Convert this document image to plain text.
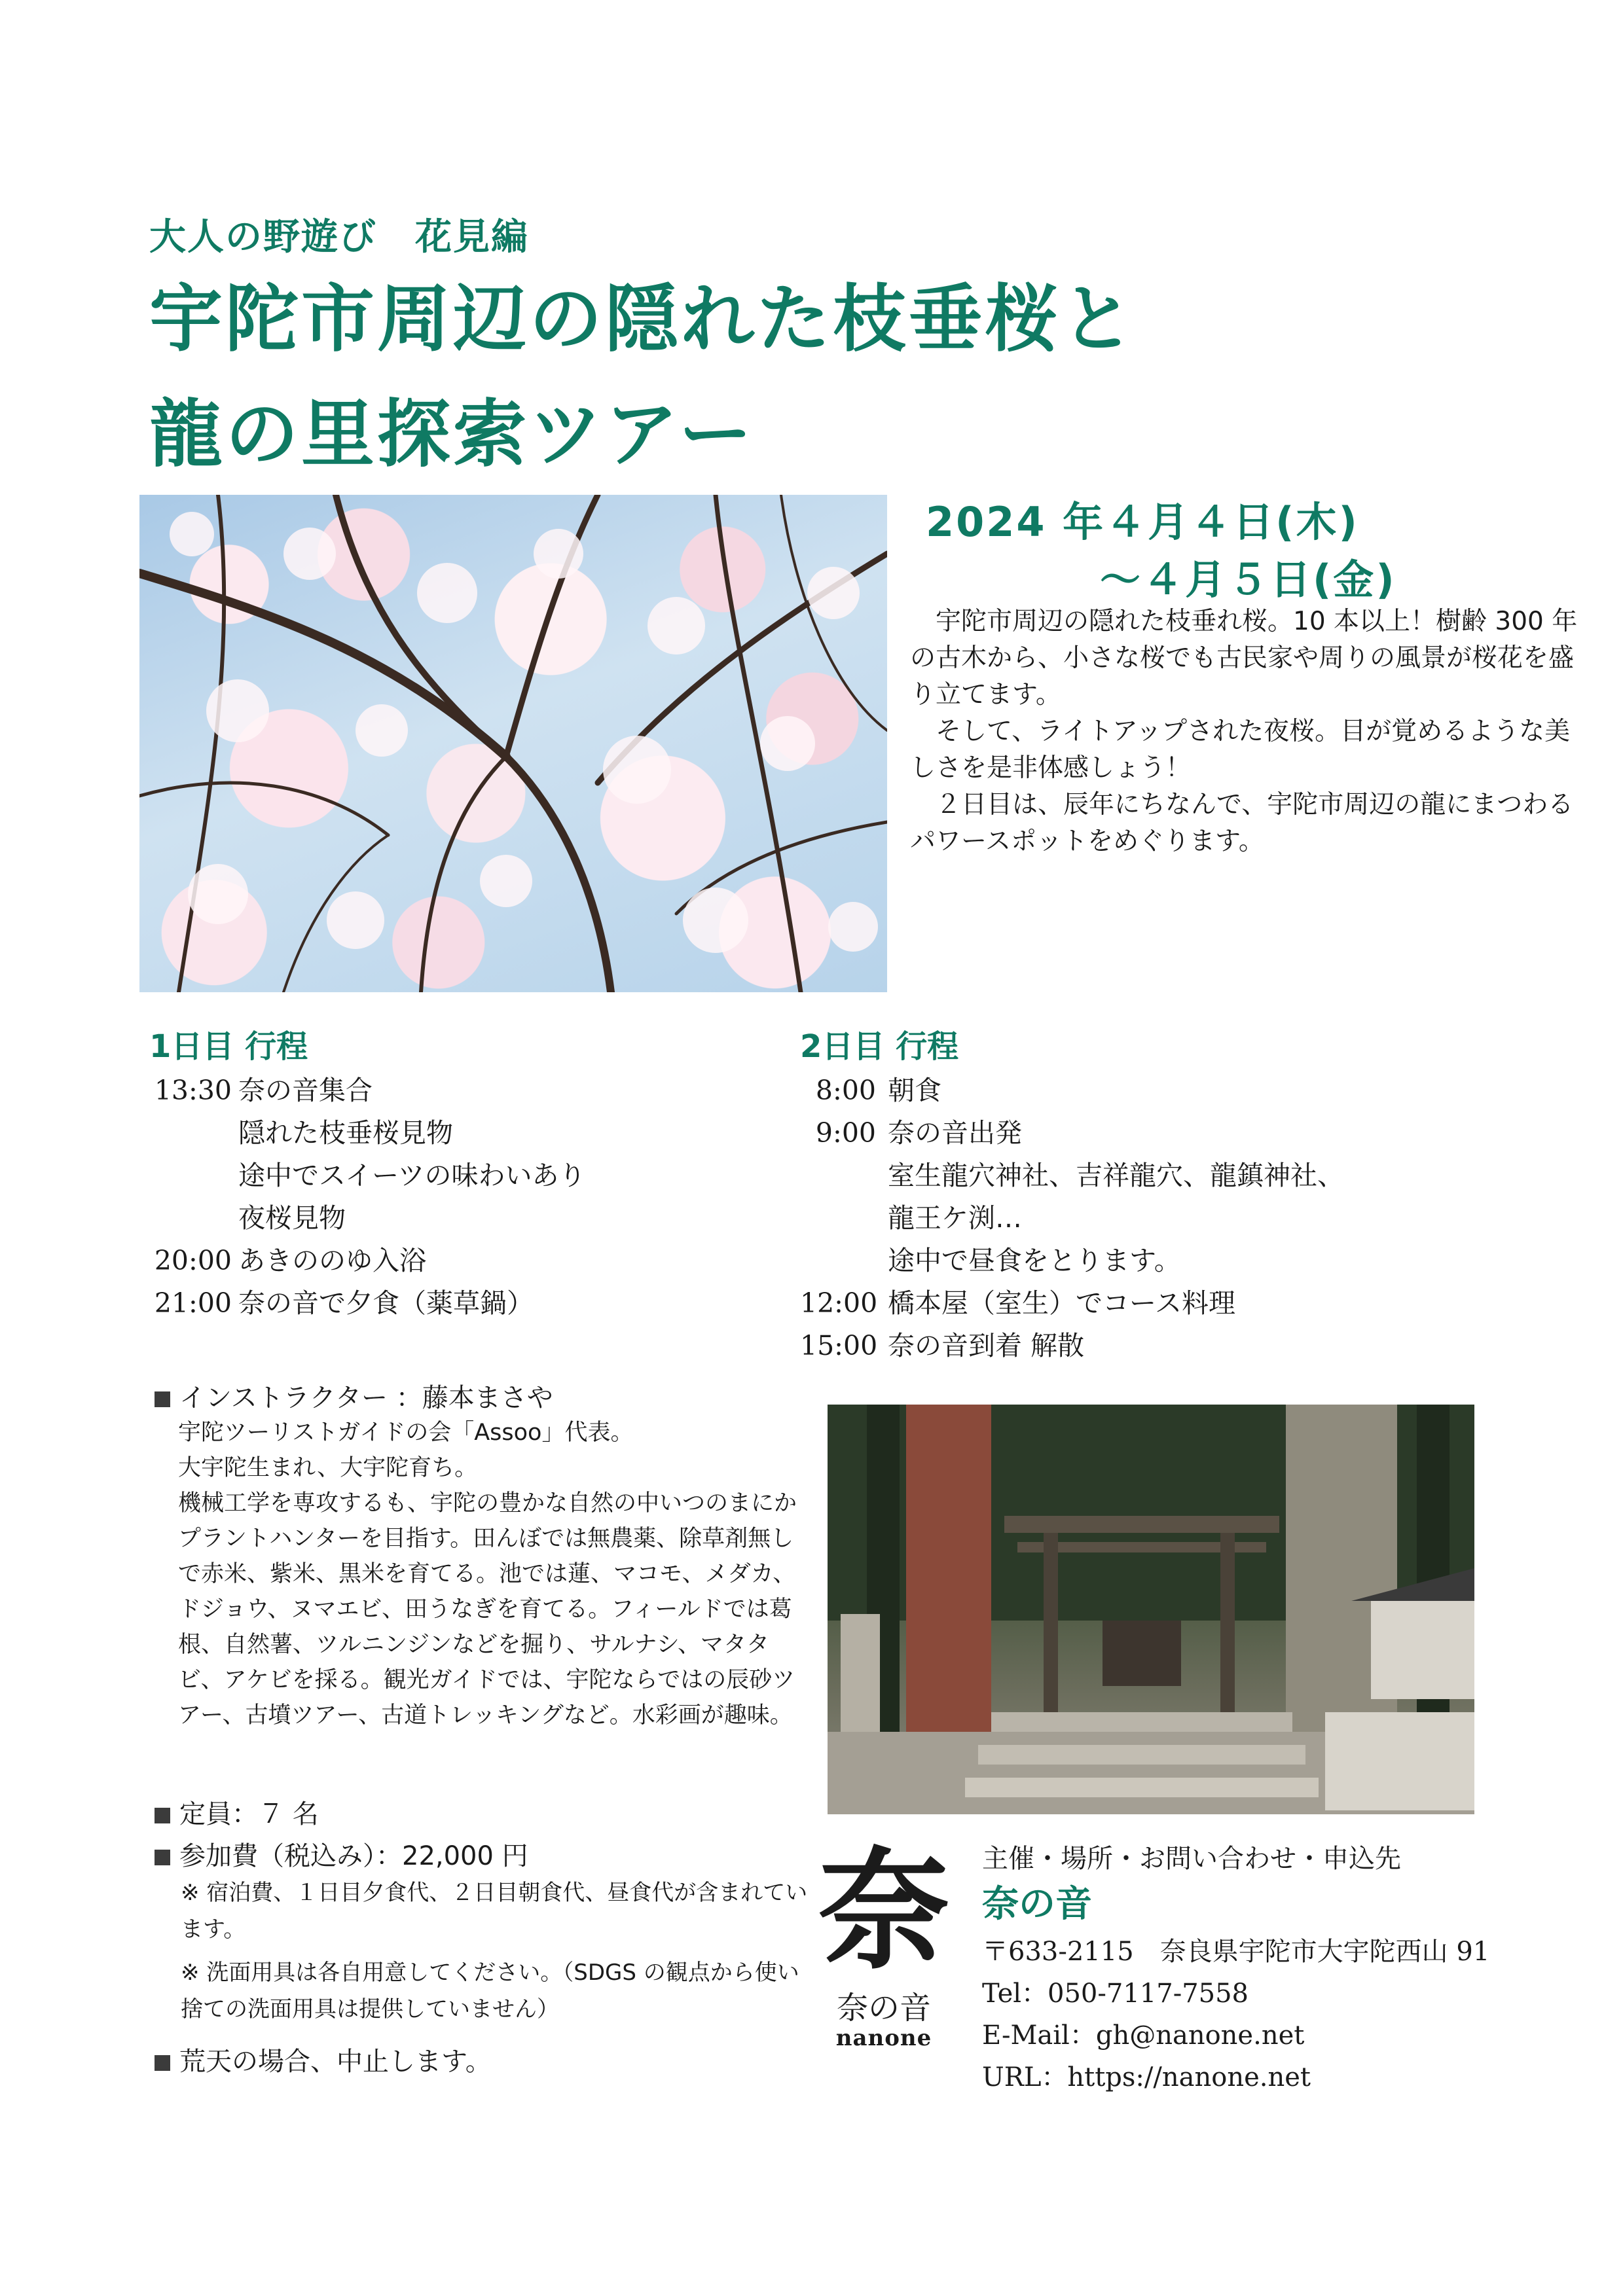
大人の野遊び　花見編
宇陀市周辺の隠れた枝垂桜と
龍の里探索ツアー
2024 年４月４日(木)
～４月５日(金)

　宇陀市周辺の隠れた枝垂れ桜。10 本以上！樹齢 300 年の古木から、小さな桜でも古民家や周りの風景が桜花を盛り立てます。

　そして、ライトアップされた夜桜。目が覚めるような美しさを是非体感しょう！

　２日目は、辰年にちなんで、宇陀市周辺の龍にまつわるパワースポットをめぐります。

1日目 行程
13:30 奈の音集合
隠れた枝垂桜見物
途中でスイーツの味わいあり
夜桜見物
20:00 あきののゆ入浴
21:00 奈の音で夕食（薬草鍋）
2日目 行程
8:00 朝食
9:00 奈の音出発
室生龍穴神社、吉祥龍穴、龍鎮神社、
龍王ケ渕…
途中で昼食をとります。
12:00 橋本屋（室生）でコース料理
15:00 奈の音到着 解散
インストラクター ：藤本まさや

宇陀ツーリストガイドの会「Assoo」代表。

大宇陀生まれ、大宇陀育ち。

機械工学を専攻するも、宇陀の豊かな自然の中いつのまにかプラントハンターを目指す。田んぼでは無農薬、除草剤無しで赤米、紫米、黒米を育てる。池では蓮、マコモ、メダカ、ドジョウ、ヌマエビ、田うなぎを育てる。フィールドでは葛根、自然薯、ツルニンジンなどを掘り、サルナシ、マタタビ、アケビを採る。観光ガイドでは、宇陀ならではの辰砂ツアー、古墳ツアー、古道トレッキングなど。水彩画が趣味。

定員：７ 名
参加費（税込み）：22,000 円
※ 宿泊費、１日目夕食代、２日目朝食代、昼食代が含まれています。
※ 洗面用具は各自用意してください。（SDGS の観点から使い捨ての洗面用具は提供していません）
荒天の場合、中止します。
奈
奈の音
nanone
主催・場所・お問い合わせ・申込先
奈の音
〒633-2115　奈良県宇陀市大宇陀西山 91
Tel：050-7117-7558
E-Mail：gh@nanone.net
URL：https://nanone.net
